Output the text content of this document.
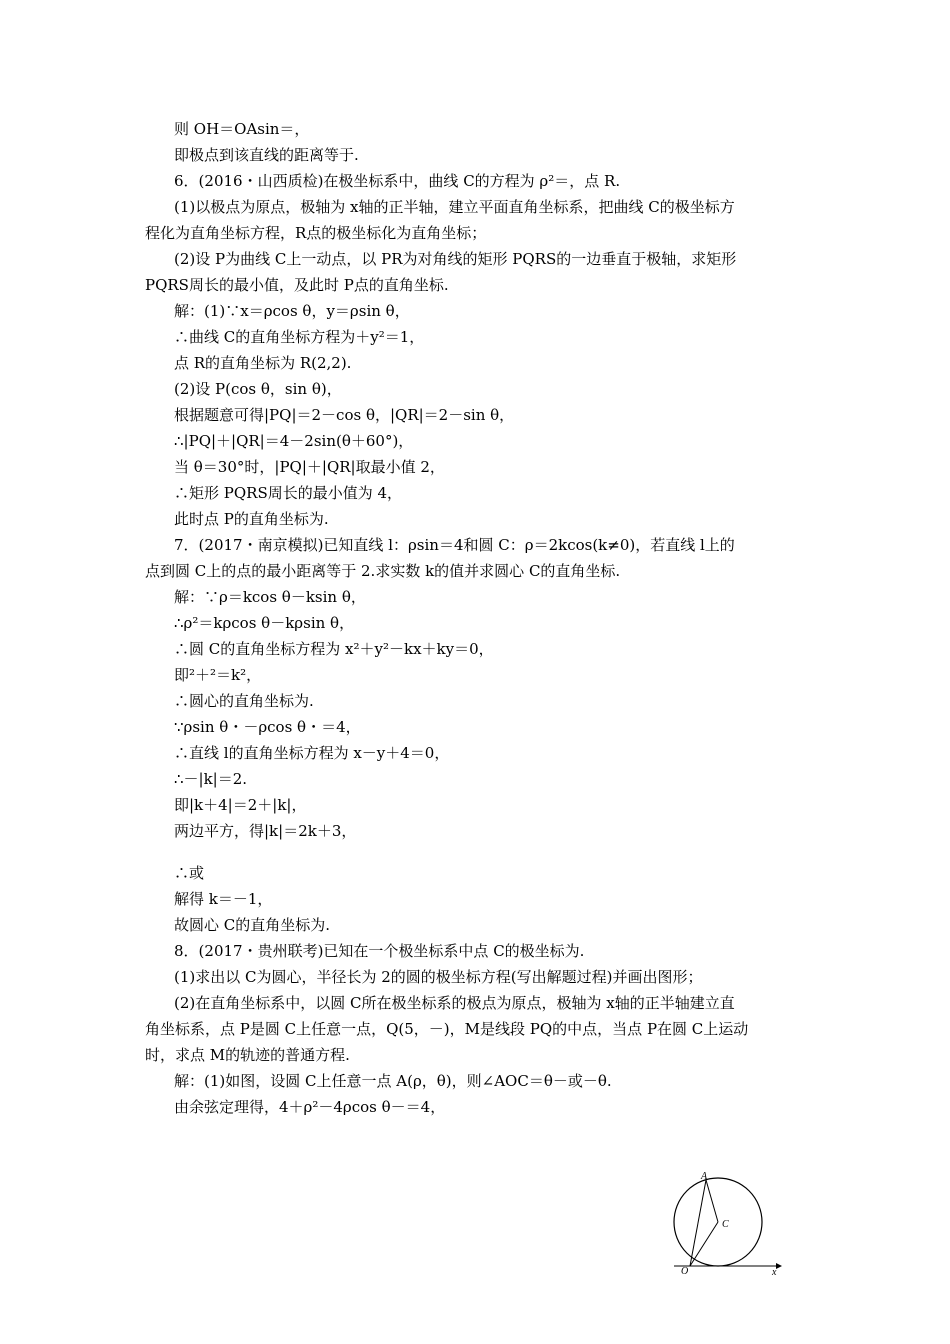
则 OH＝OAsin＝，
即极点到该直线的距离等于.
6．(2016・山西质检)在极坐标系中，曲线 C的方程为 ρ²＝，点 R.
(1)以极点为原点，极轴为 x轴的正半轴，建立平面直角坐标系，把曲线 C的极坐标方
程化为直角坐标方程，R点的极坐标化为直角坐标；
(2)设 P为曲线 C上一动点，以 PR为对角线的矩形 PQRS的一边垂直于极轴，求矩形
PQRS周长的最小值，及此时 P点的直角坐标.
解：(1)∵x＝ρcos θ，y＝ρsin θ，
∴曲线 C的直角坐标方程为＋y²＝1，
点 R的直角坐标为 R(2,2).
(2)设 P(cos θ，sin θ)，
根据题意可得|PQ|＝2－cos θ，|QR|＝2－sin θ，
∴|PQ|＋|QR|＝4－2sin(θ＋60°)，
当 θ＝30°时，|PQ|＋|QR|取最小值 2，
∴矩形 PQRS周长的最小值为 4，
此时点 P的直角坐标为.
7．(2017・南京模拟)已知直线 l：ρsin＝4和圆 C：ρ＝2kcos(k≠0)，若直线 l上的
点到圆 C上的点的最小距离等于 2.求实数 k的值并求圆心 C的直角坐标.
解：∵ρ＝kcos θ－ksin θ，
∴ρ²＝kρcos θ－kρsin θ，
∴圆 C的直角坐标方程为 x²＋y²－kx＋ky＝0，
即²＋²＝k²，
∴圆心的直角坐标为.
∵ρsin θ・－ρcos θ・＝4，
∴直线 l的直角坐标方程为 x－y＋4＝0，
∴－|k|＝2.
即|k＋4|＝2＋|k|，
两边平方，得|k|＝2k＋3，
∴或
解得 k＝－1，
故圆心 C的直角坐标为.
8．(2017・贵州联考)已知在一个极坐标系中点 C的极坐标为.
(1)求出以 C为圆心，半径长为 2的圆的极坐标方程(写出解题过程)并画出图形；
(2)在直角坐标系中，以圆 C所在极坐标系的极点为原点，极轴为 x轴的正半轴建立直
角坐标系，点 P是圆 C上任意一点，Q(5，－)，M是线段 PQ的中点，当点 P在圆 C上运动
时，求点 M的轨迹的普通方程.
解：(1)如图，设圆 C上任意一点 A(ρ，θ)，则∠AOC＝θ－或－θ.
由余弦定理得，4＋ρ²－4ρcos θ－＝4，
A
C
O	x
